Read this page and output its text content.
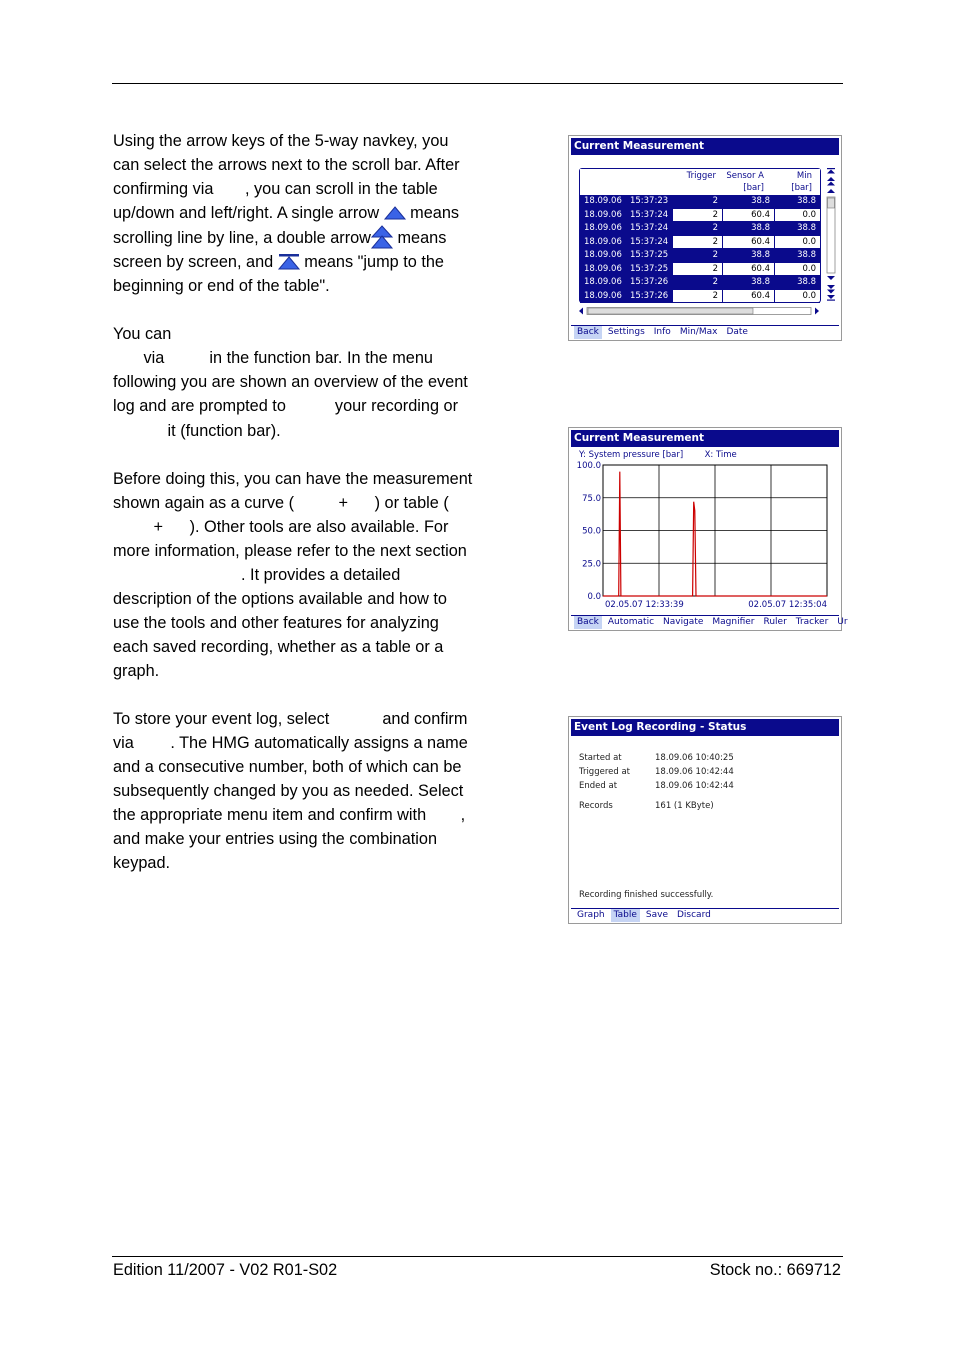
Using the arrow keys of the 5-way navkey, you can select the arrows next to the scroll bar. After confirming via , you can scroll in the table up/down and left/right. A single arrow  means scrolling line by line, a double arrow means screen by screen, and  means "jump to the beginning or end of the table".

You can
via  in the function bar. In the menu following you are shown an overview of the event log and are prompted to  your recording or  it (function bar).

Before doing this, you can have the measurement shown again as a curve ( + ) or table ( + ). Other tools are also available. For more information, please refer to the next section . It provides a detailed description of the options available and how to use the tools and other features for analyzing each saved recording, whether as a table or a graph.

To store your event log, select	and confirm via . The HMG automatically assigns a name and a consecutive number, both of which can be subsequently changed by you as needed. Select the appropriate menu item and confirm with , and make your entries using the combination keypad.

Current Measurement
Trigger	Sensor A
[bar]
Min
[bar]
18.09.06   15:37:23	2	38.8	38.8
18.09.06   15:37:24	2	60.4	0.0
18.09.06   15:37:24	2	38.8	38.8
18.09.06   15:37:24	2	60.4	0.0
18.09.06   15:37:25	2	38.8	38.8
18.09.06   15:37:25	2	60.4	0.0
18.09.06   15:37:26	2	38.8	38.8
18.09.06   15:37:26	2	60.4	0.0
Back Settings Info Min/Max Date
Current Measurement
Y: System pressure [bar]	X: Time
100.0
75.0
50.0
25.0
0.0
02.05.07 12:33:39	02.05.07 12:35:04
Back Automatic Navigate Magnifier Ruler Tracker Ur
Event Log Recording - Status
Started at	18.09.06 10:40:25
Triggered at	18.09.06 10:42:44
Ended at	18.09.06 10:42:44
Records	161 (1 KByte)
Recording finished successfully.
Graph Table Save Discard
Edition 11/2007 - V02 R01-S02	Stock no.: 669712
